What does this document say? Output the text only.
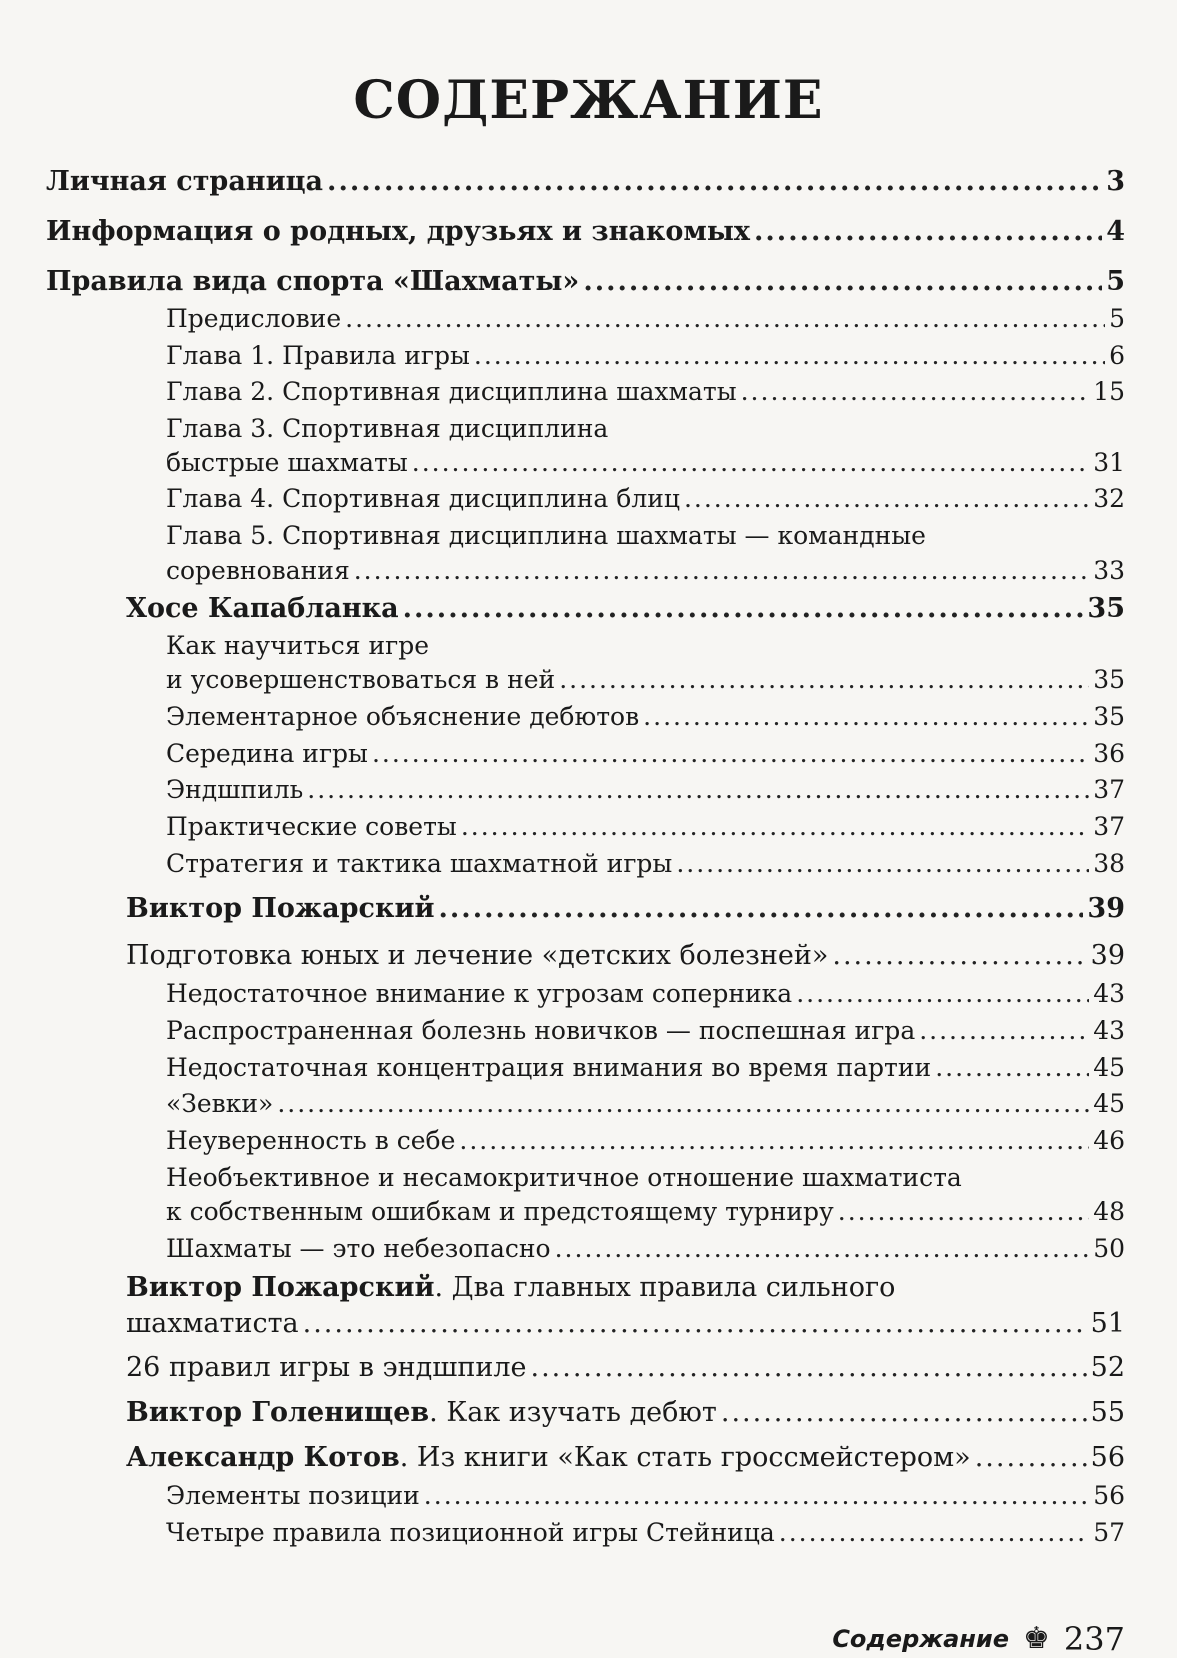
СОДЕРЖАНИЕ
Личная страница .....	3
Информация о родных, друзьях и знакомых .....	4
Правила вида спорта «Шахматы» .....	5
Предисловие .....	5
Глава 1. Правила игры .....	6
Глава 2. Спортивная дисциплина шахматы .....	15
Глава 3. Спортивная дисциплина
быстрые шахматы .....	31
Глава 4. Спортивная дисциплина блиц .....	32
Глава 5. Спортивная дисциплина шахматы — командные
соревнования .....	33
Хосе Капабланка .....	35
Как научиться игре
и усовершенствоваться в ней .....	35
Элементарное объяснение дебютов .....	35
Середина игры .....	36
Эндшпиль .....	37
Практические советы .....	37
Стратегия и тактика шахматной игры .....	38
Виктор Пожарский .....	39
Подготовка юных и лечение «детских болезней» .....	39
Недостаточное внимание к угрозам соперника .....	43
Распространенная болезнь новичков — поспешная игра .....	43
Недостаточная концентрация внимания во время партии .....	45
«Зевки» .....	45
Неуверенность в себе .....	46
Необъективное и несамокритичное отношение шахматиста
к собственным ошибкам и предстоящему турниру .....	48
Шахматы — это небезопасно .....	50
Виктор Пожарский. Два главных правила сильного
шахматиста .....	51
26 правил игры в эндшпиле .....	52
Виктор Голенищев. Как изучать дебют .....	55
Александр Котов. Из книги «Как стать гроссмейстером» .....	56
Элементы позиции .....	56
Четыре правила позиционной игры Стейница .....	57
Содержание ♚ 237
